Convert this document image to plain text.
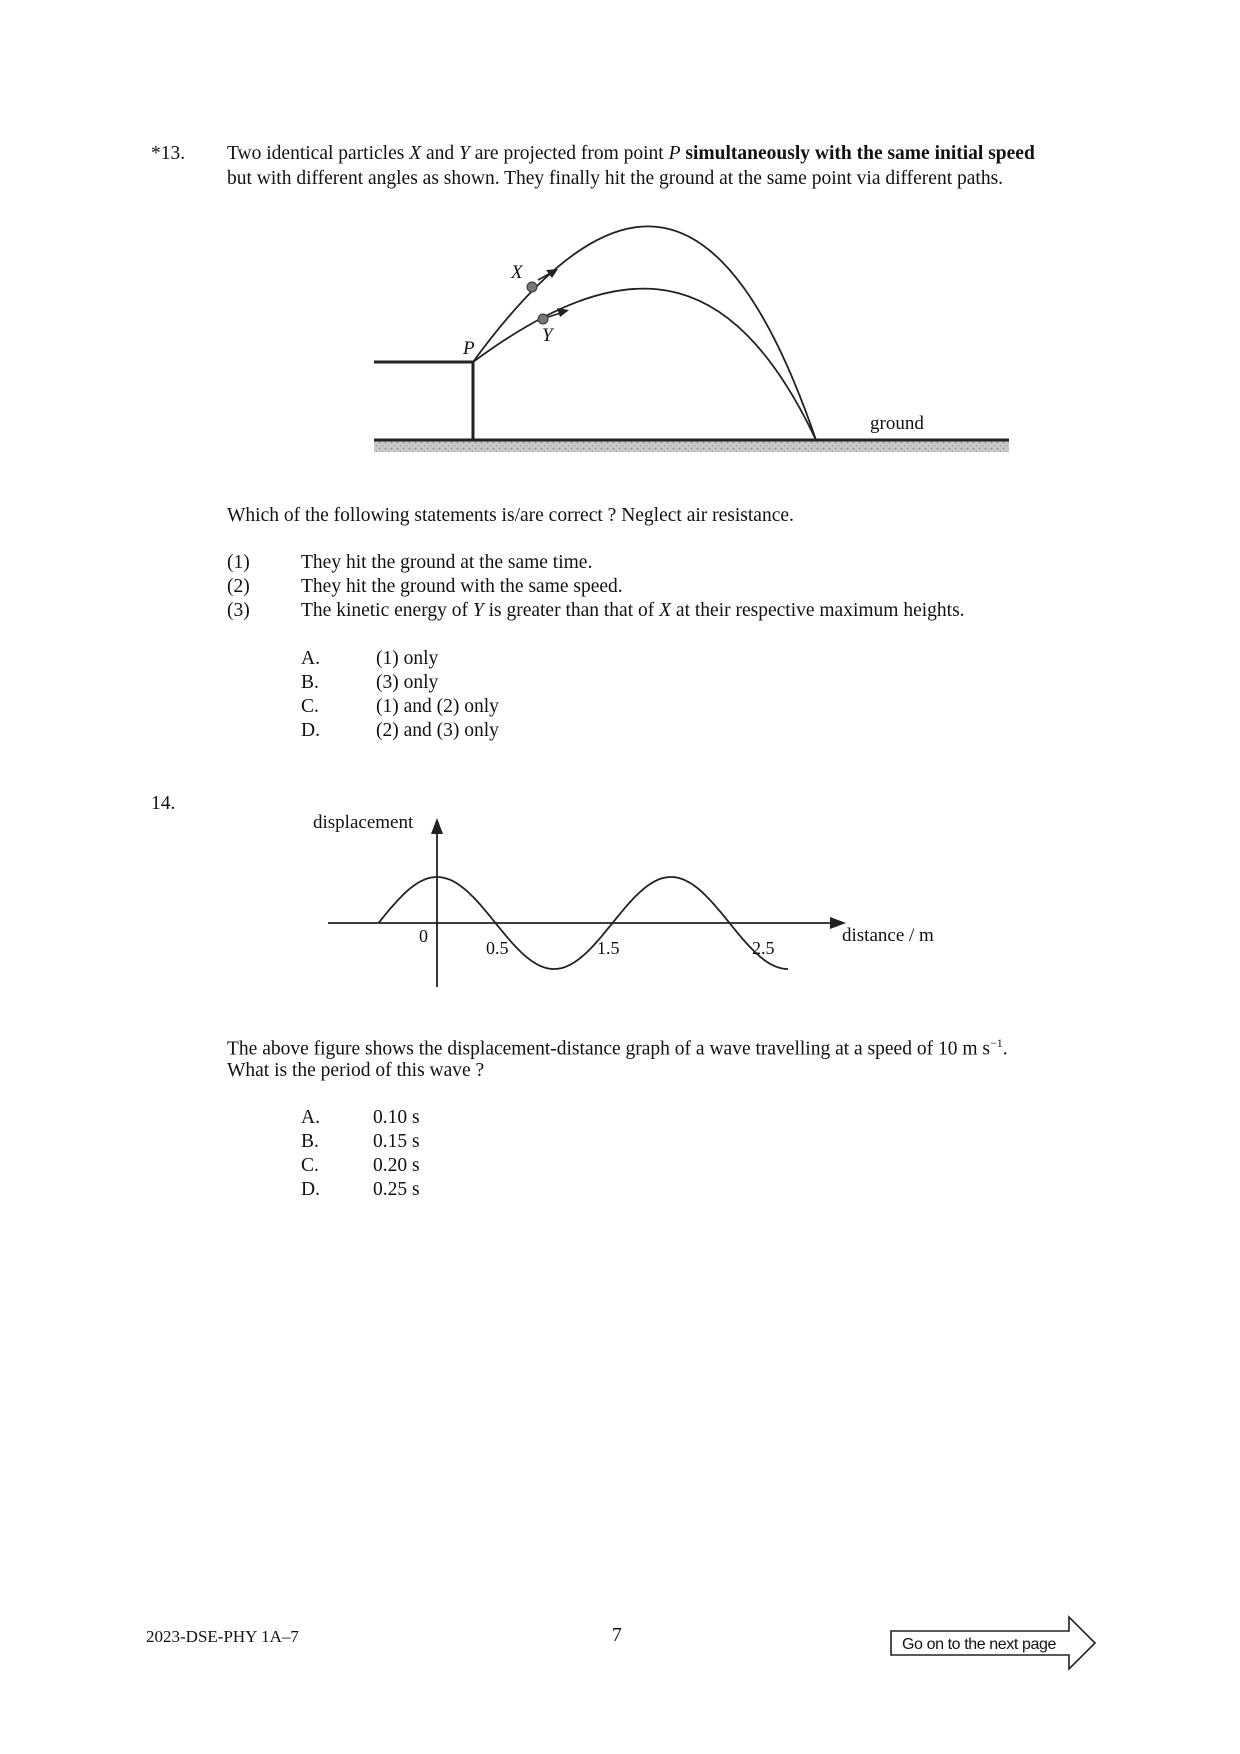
*13. Two identical particles X and Y are projected from point P simultaneously with the same initial speed
but with different angles as shown. They finally hit the ground at the same point via different paths.
X
Y
P
ground
Which of the following statements is/are correct ? Neglect air resistance.
(1)	They hit the ground at the same time.
(2)	They hit the ground with the same speed.
(3)	The kinetic energy of Y is greater than that of X at their respective maximum heights.
A.	(1) only
B.	(3) only
C.	(1) and (2) only
D.	(2) and (3) only
14.
displacement
distance / m
0
0.5	1.5	2.5
The above figure shows the displacement-distance graph of a wave travelling at a speed of 10 m $s^{-1}$.
What is the period of this wave ?
A.	0.10 s
B.	0.15 s
C.	0.20 s
D.	0.25 s
2023-DSE-PHY 1A–7	7	Go on to the next page
